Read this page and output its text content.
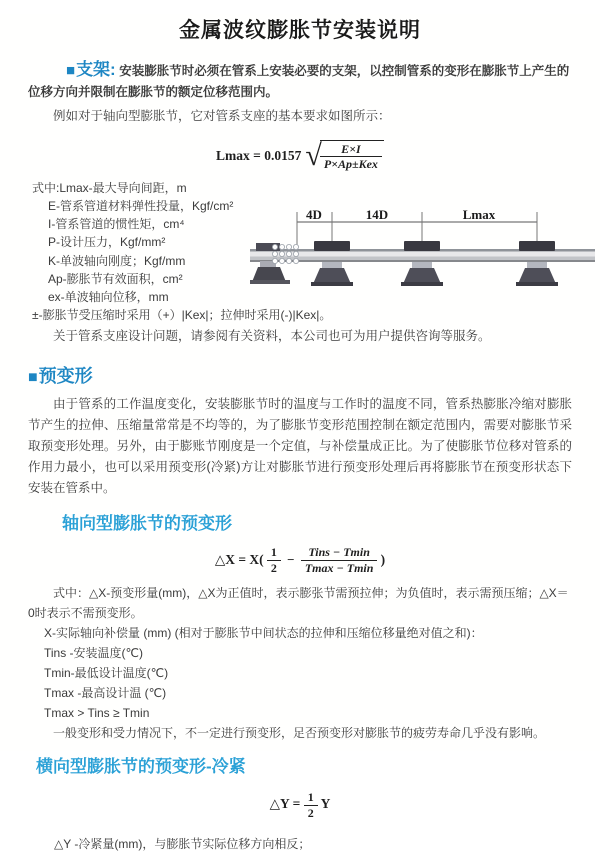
金属波纹膨胀节安装说明

■支架: 安装膨胀节时必须在管系上安装必要的支架，以控制管系的变形在膨胀节上产生的位移方向并限制在膨胀节的额定位移范围内。

例如对于轴向型膨胀节，它对管系支座的基本要求如图所示：

Lmax = 0.0157 √
$\frac{E\times I}{\text{P×Ap±Kex}}$
式中:Lmax-最大导向间距，m
E-管系管道材料弹性投量，Kgf/cm²
I-管系管道的惯性矩，cm⁴
P-设计压力，Kgf/mm²
K-单波轴向刚度；Kgf/mm
Ap-膨胀节有效面积，cm²
ex-单波轴向位移，mm
±-膨胀节受压缩时采用（+）|Kex|；拉伸时采用(-)|Kex|。
4D	14D	Lmax

关于管系支座设计问题，请参阅有关资料，本公司也可为用户提供咨询等服务。

■预变形

由于管系的工作温度变化，安装膨胀节时的温度与工作时的温度不同，管系热膨胀冷缩对膨胀节产生的拉伸、压缩量常常是不均等的，为了膨胀节变形范围控制在额定范围内，需要对膨胀节采取预变形处理。另外，由于膨账节刚度是一个定值，与补偿量成正比。为了使膨胀节位移对管系的作用力最小，也可以采用预变形(冷紧)方让对膨胀节进行预变形处理后再将膨胀节在预变形状态下安装在管系中。

轴向型膨胀节的预变形
△X = $X( \frac{1}{2} - \frac{\text{Tins − Tmin}}{Tmax - Tmin}$ )
式中：△X-预变形量(mm)，△X为正值时，表示膨张节需预拉伸；为负值时，表示需预压缩；△X＝0时表示不需预变形。
X-实际轴向补偿量 (mm) (相对于膨胀节中间状态的拉伸和压缩位移量绝对值之和)：
Tins -安装温度(℃)
Tmin-最低设计温度(℃)
Tmax -最高设计温 (℃)
Tmax > Tins ≥ Tmin
一般变形和受力情况下，不一定进行预变形，足否预变形对膨胀节的疲劳寿命几乎没有影响。
横向型膨胀节的预变形-冷紧
△Y = $\frac{1}{2}$ Y

△Y -冷紧量(mm)，与膨胀节实际位移方向相反；
